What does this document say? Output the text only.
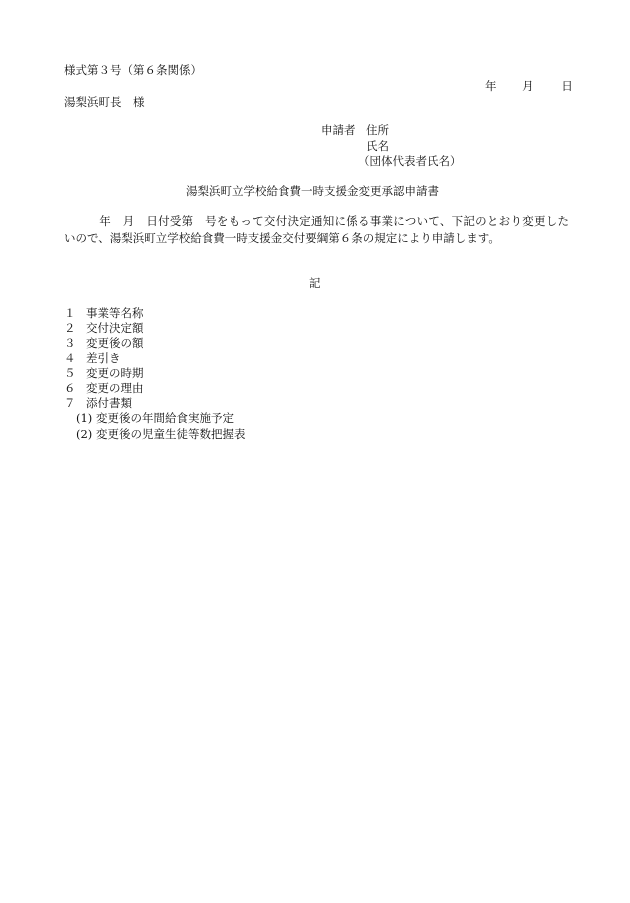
様式第３号（第６条関係）
年 月 日
湯梨浜町長　様
申請者 住所
氏名
（団体代表者氏名）
湯梨浜町立学校給食費一時支援金変更承認申請書
　　　年　月　日付受第　号をもって交付決定通知に係る事業について、下記のとおり変更したいので、湯梨浜町立学校給食費一時支援金交付要綱第６条の規定により申請します。
記
１ 事業等名称
２ 交付決定額
３ 変更後の額
４ 差引き
５ 変更の時期
６ 変更の理由
７ 添付書類
(1) 変更後の年間給食実施予定
(2) 変更後の児童生徒等数把握表
